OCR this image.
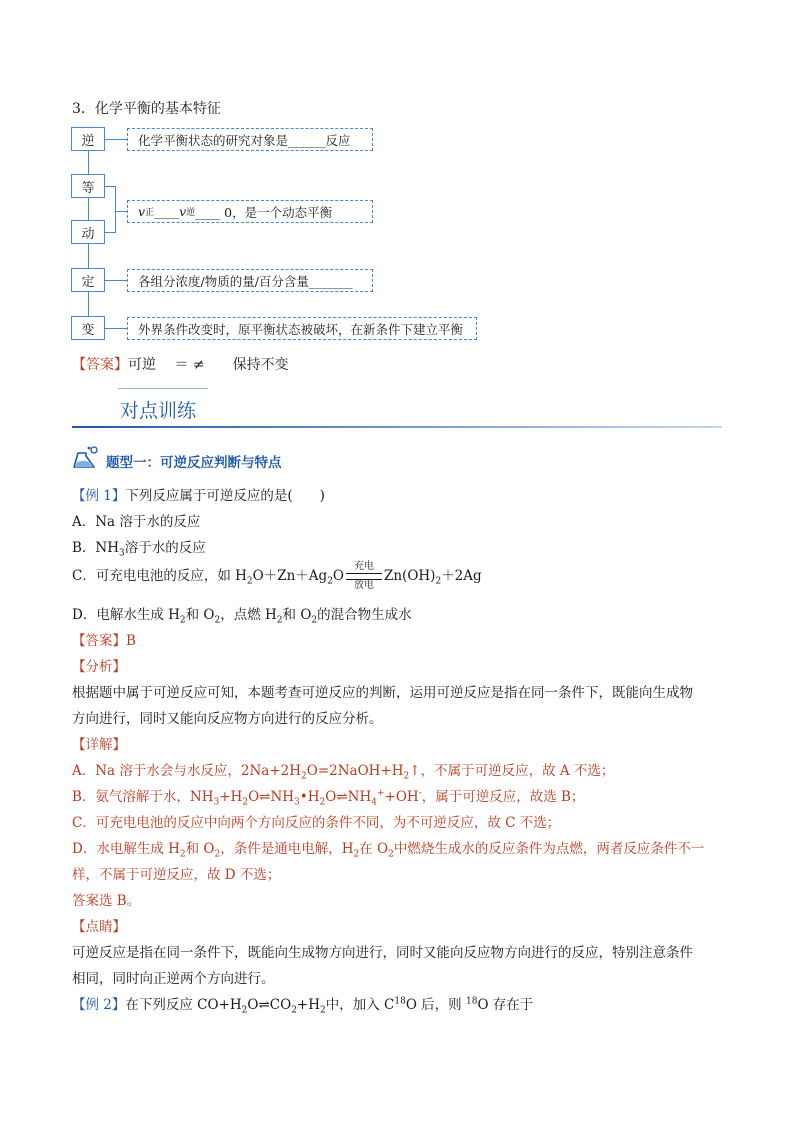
3．化学平衡的基本特征
逆
等
动
定
变
化学平衡状态的研究对象是______反应
v 正 ____ v 逆 ____ 0，是一个动态平衡
各组分浓度/物质的量/百分含量_______
外界条件改变时，原平衡状态被破坏，在新条件下建立平衡
【答案】可逆　 ＝ ≠　　保持不变
对点训练
题型一：可逆反应判断与特点
【例 1】下列反应属于可逆反应的是(　　)
A．Na 溶于水的反应
B．$NH_3$溶于水的反应
C．可充电电池的反应，如 $H_2O+Zn+Ag_2O$
充电
放电
$Zn(OH)_2+2Ag$
D．电解水生成 $H_2$和 $O_2$，点燃 $H_2$和 $O_2$的混合物生成水
【答案】B
【分析】
根据题中属于可逆反应可知，本题考查可逆反应的判断，运用可逆反应是指在同一条件下，既能向生成物
方向进行，同时又能向反应物方向进行的反应分析。
【详解】
A．Na 溶于水会与水反应，$2Na+2H_2O=2NaOH+H_2↑$，不属于可逆反应，故 A 不选；
B．氨气溶解于水，$NH_3+H_2O\rightleftharpoons NH_3•H_2O\rightleftharpoons NH_4^++OH^-$，属于可逆反应，故选 B；
C．可充电电池的反应中向两个方向反应的条件不同，为不可逆反应，故 C 不选；
D．水电解生成 $H_2$和 $O_2$，条件是通电电解，$H_2$在 $O_2$中燃烧生成水的反应条件为点燃，两者反应条件不一
样，不属于可逆反应，故 D 不选；
答案选 B。
【点睛】
可逆反应是指在同一条件下，既能向生成物方向进行，同时又能向反应物方向进行的反应，特别注意条件
相同，同时向正逆两个方向进行。
【例 2】在下列反应 $CO+H_2O\rightleftharpoons CO_2+H_2$中，加入 $C^{18}O$ 后，则 $^{18}$O 存在于
